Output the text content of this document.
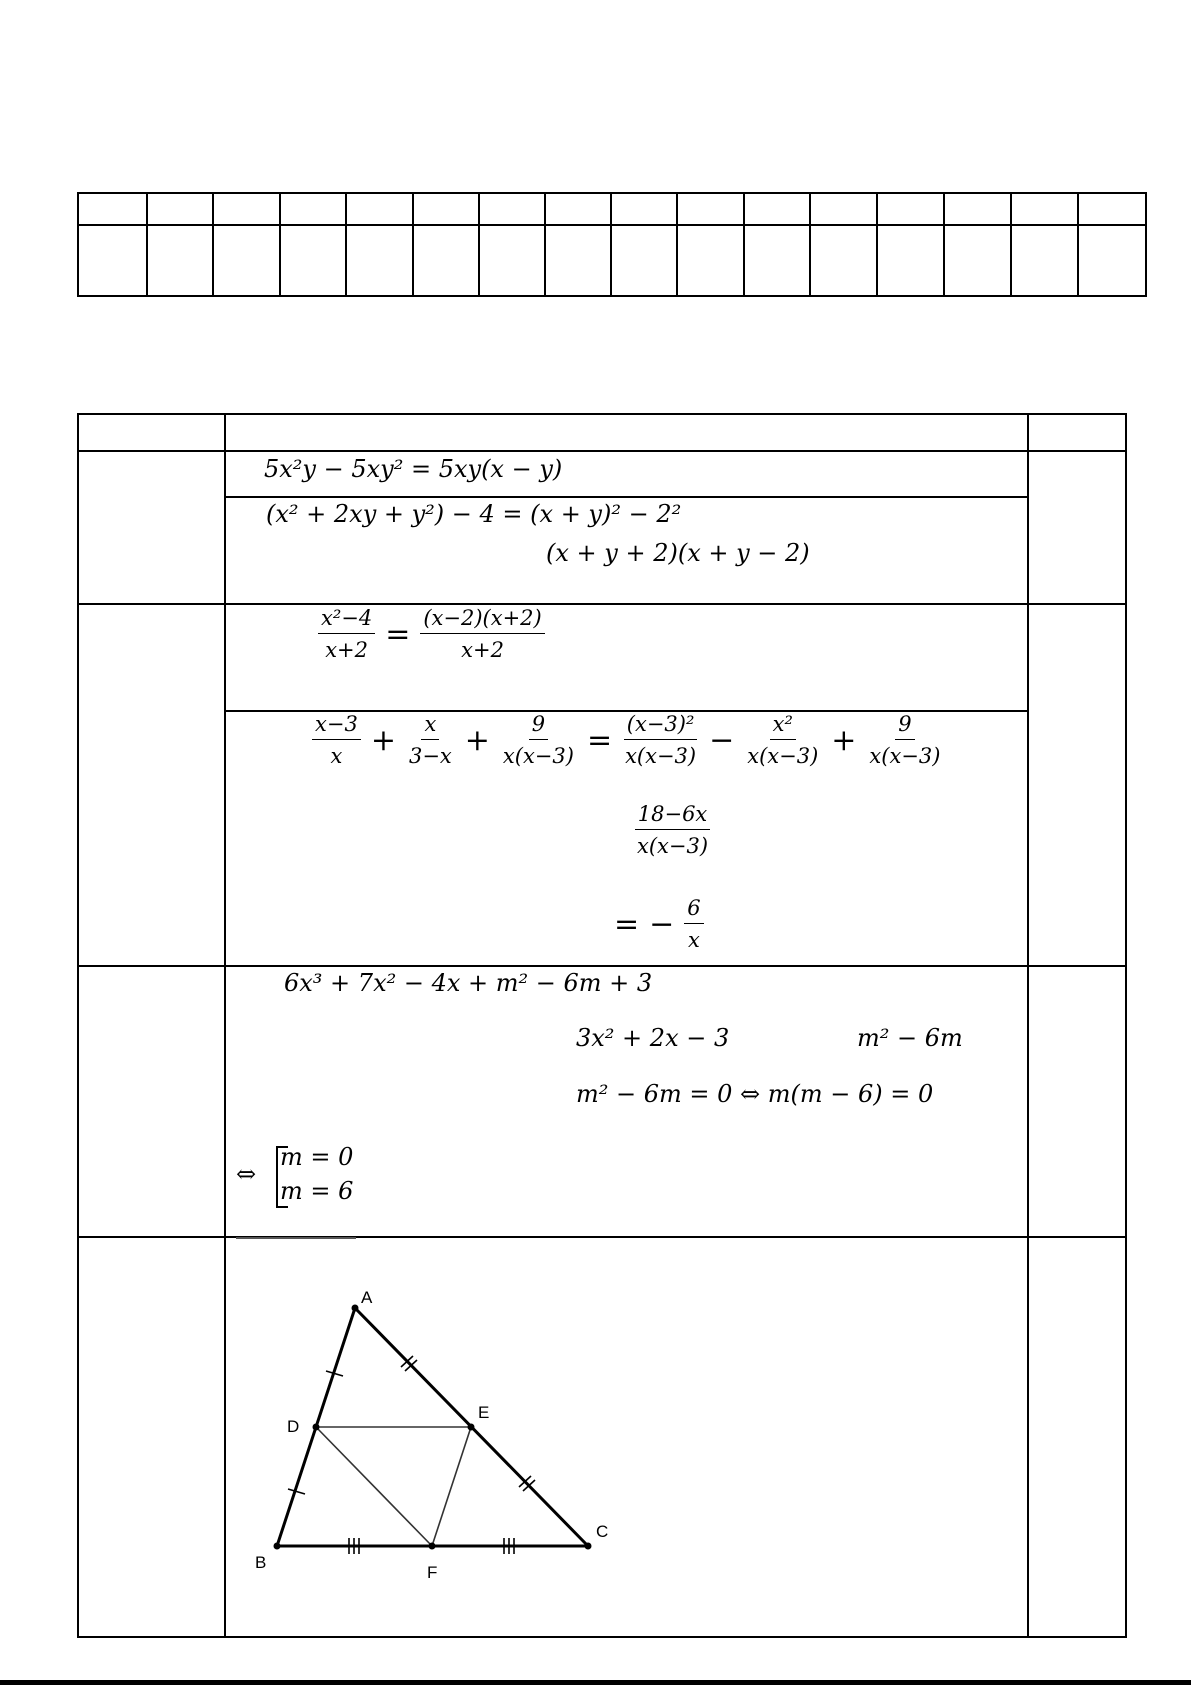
5x²y − 5xy² = 5xy(x − y)
(x² + 2xy + y²) − 4 = (x + y)² − 2²
(x + y + 2)(x + y − 2)
$\frac{\text{x²−4}}{x+2} = \frac{(x-2)(x+2)}{x+2}$
$\frac{x-3}{x} + \frac{x}{3-x} + \frac{9}{x(x-3)} = \frac{\text{(x−3)²}}{x(x-3)} - \frac{\text{x²}}{x(x-3)} + \frac{9}{x(x-3)}$
$\frac{18-6x}{x(x-3)}$
= − $\frac{6}{x}$
6x³ + 7x² − 4x + m² − 6m + 3
3x² + 2x − 3	m² − 6m
m² − 6m = 0 ⇔ m(m − 6) = 0
⇔
m = 0
m = 6
A
B
C
D
E
F
